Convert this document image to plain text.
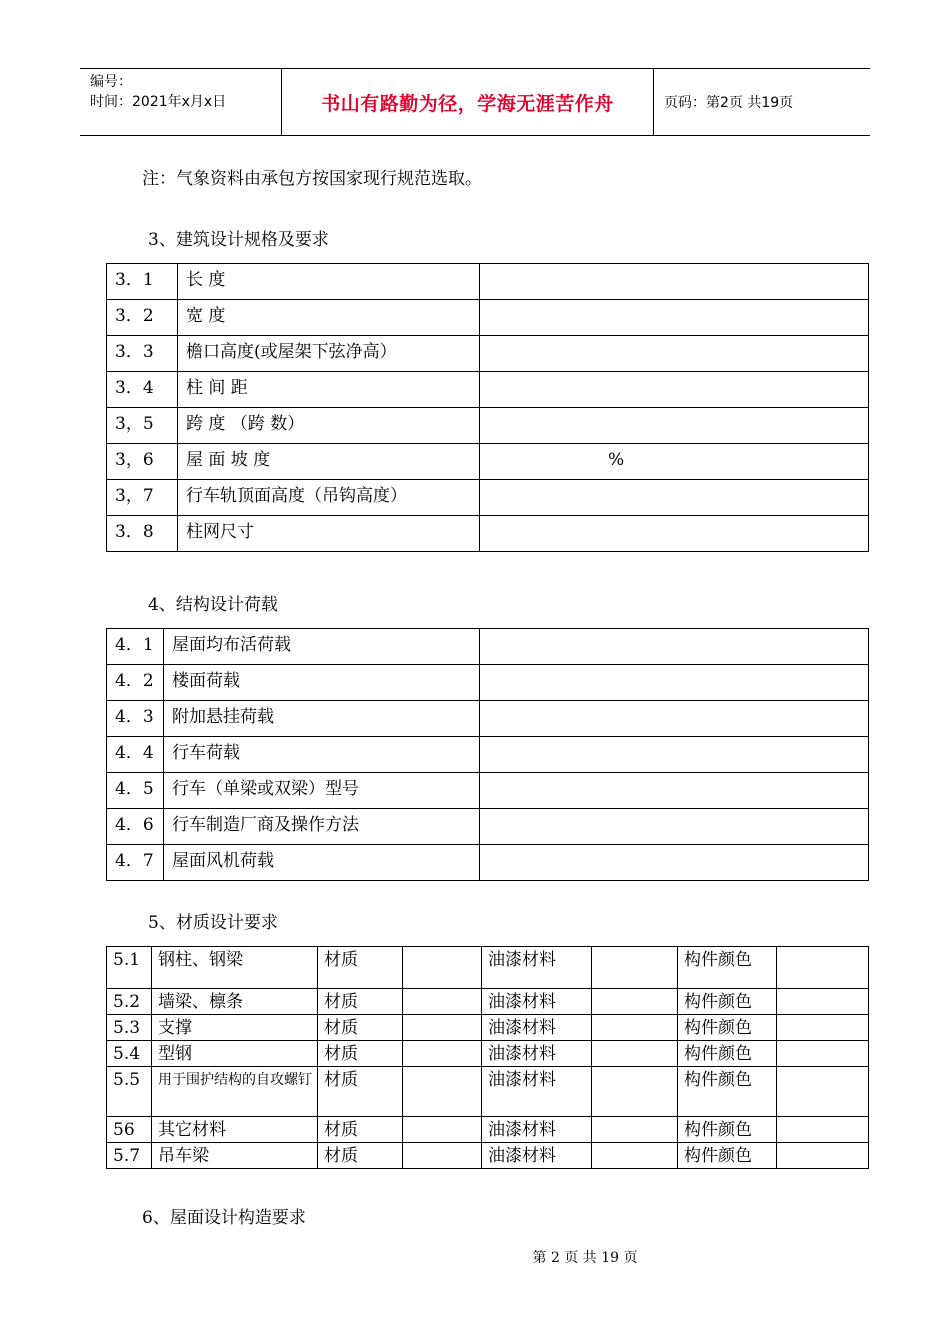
编号：
时间：2021年x月x日	书山有路勤为径，学海无涯苦作舟	页码：第2页 共19页
注：气象资料由承包方按国家现行规范选取。
3、建筑设计规格及要求
3．1	长 度	
3．2	宽 度	
3．3	檐口高度(或屋架下弦净高）	
3．4	柱 间 距	
3，5	跨 度 （跨 数）	
3，6	屋 面 坡 度	%
3，7	行车轨顶面高度（吊钩高度）	
3．8	柱网尺寸	
4、结构设计荷载
4．1	屋面均布活荷载	
4．2	楼面荷载	
4．3	附加悬挂荷载	
4．4	行车荷载	
4．5	行车（单梁或双梁）型号	
4．6	行车制造厂商及操作方法	
4．7	屋面风机荷载	
5、材质设计要求
5.1	钢柱、钢梁	材质		油漆材料		构件颜色	
5.2	墙梁、檩条	材质		油漆材料		构件颜色	
5.3	支撑	材质		油漆材料		构件颜色	
5.4	型钢	材质		油漆材料		构件颜色	
5.5	用于围护结构的自攻螺钉	材质		油漆材料		构件颜色	
56	其它材料	材质		油漆材料		构件颜色	
5.7	吊车梁	材质		油漆材料		构件颜色	
6、屋面设计构造要求
第 2 页 共 19 页
